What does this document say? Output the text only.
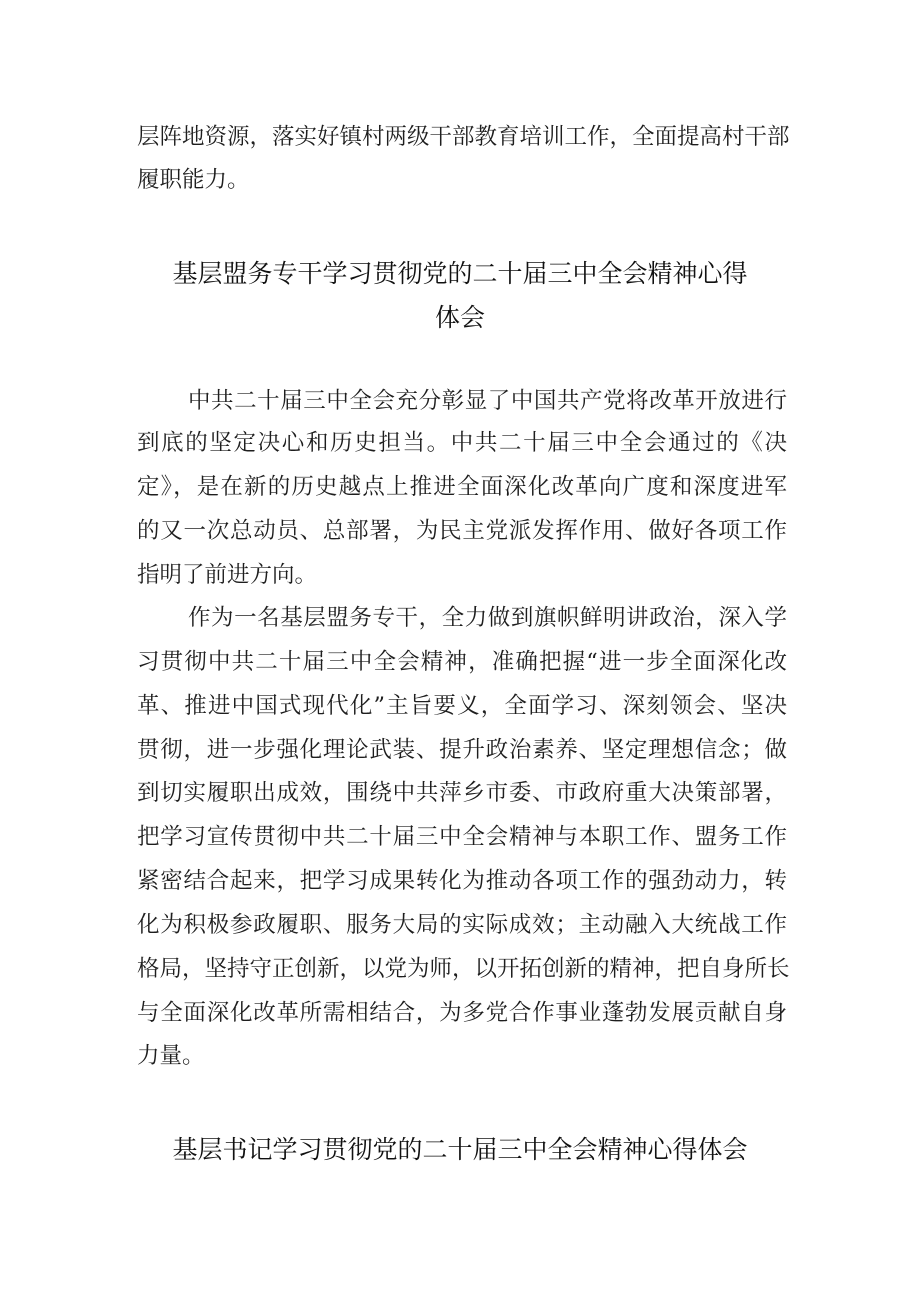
层阵地资源，落实好镇村两级干部教育培训工作，全面提高村干部
履职能力。
基层盟务专干学习贯彻党的二十届三中全会精神心得
体会
中共二十届三中全会充分彰显了中国共产党将改革开放进行
到底的坚定决心和历史担当。中共二十届三中全会通过的《决
定》，是在新的历史越点上推进全面深化改革向广度和深度进军
的又一次总动员、总部署，为民主党派发挥作用、做好各项工作
指明了前进方向。
作为一名基层盟务专干，全力做到旗帜鲜明讲政治，深入学
习贯彻中共二十届三中全会精神，准确把握“进一步全面深化改
革、推进中国式现代化”主旨要义，全面学习、深刻领会、坚决
贯彻，进一步强化理论武装、提升政治素养、坚定理想信念；做
到切实履职出成效，围绕中共萍乡市委、市政府重大决策部署，
把学习宣传贯彻中共二十届三中全会精神与本职工作、盟务工作
紧密结合起来，把学习成果转化为推动各项工作的强劲动力，转
化为积极参政履职、服务大局的实际成效；主动融入大统战工作
格局，坚持守正创新，以党为师，以开拓创新的精神，把自身所长
与全面深化改革所需相结合，为多党合作事业蓬勃发展贡献自身
力量。
基层书记学习贯彻党的二十届三中全会精神心得体会
